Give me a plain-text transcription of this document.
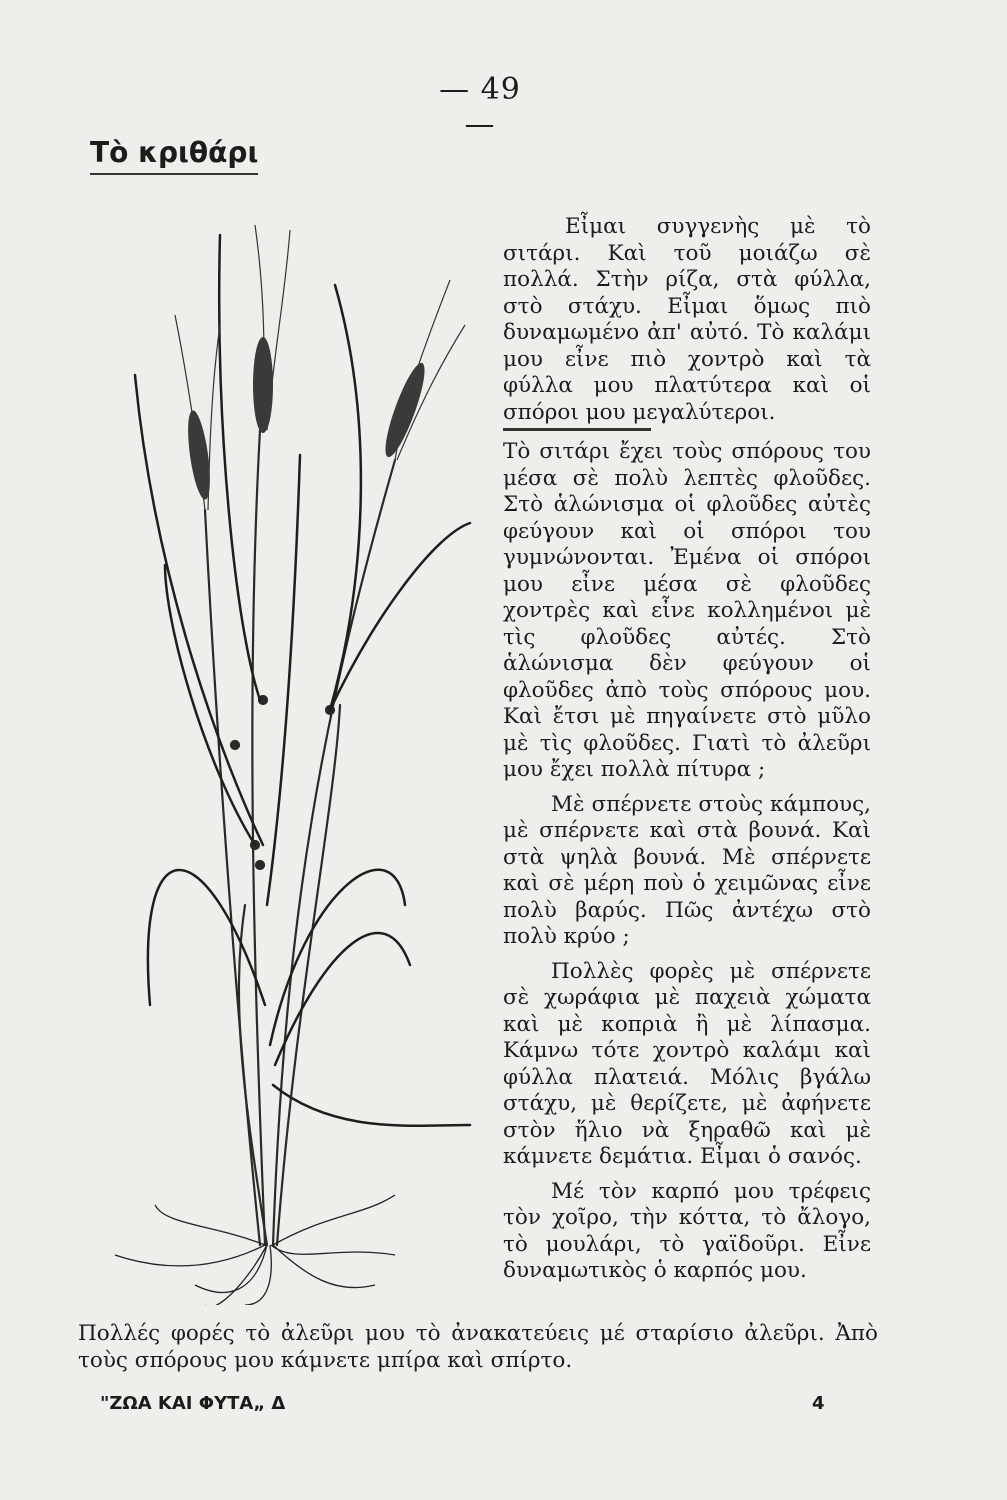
— 49 —
Τὸ κριθάρι

Εἶμαι συγγενὴς μὲ τὸ σιτάρι. Καὶ τοῦ μοιάζω σὲ πολλά. Στὴν ρίζα, στὰ φύλλα, στὸ στάχυ. Εἶμαι ὅμως πιὸ δυναμωμένο ἀπ' αὐτό. Τὸ καλάμι μου εἶνε πιὸ χοντρὸ καὶ τὰ φύλλα μου πλατύτερα καὶ οἱ σπόροι μου μεγαλύτεροι.

Τὸ σιτάρι ἔχει τοὺς σπόρους του μέσα σὲ πολὺ λεπτὲς φλοῦδες. Στὸ ἁλώνισμα οἱ φλοῦδες αὐτὲς φεύγουν καὶ οἱ σπόροι του γυμνώνονται. Ἐμένα οἱ σπόροι μου εἶνε μέσα σὲ φλοῦδες χοντρὲς καὶ εἶνε κολλημένοι μὲ τὶς φλοῦδες αὐτές. Στὸ ἁλώνισμα δὲν φεύγουν οἱ φλοῦδες ἀπὸ τοὺς σπόρους μου. Καὶ ἔτσι μὲ πηγαίνετε στὸ μῦλο μὲ τὶς φλοῦδες. Γιατὶ τὸ ἀλεῦρι μου ἔχει πολλὰ πίτυρα ;

Μὲ σπέρνετε στοὺς κάμπους, μὲ σπέρνετε καὶ στὰ βουνά. Καὶ στὰ ψηλὰ βουνά. Μὲ σπέρνετε καὶ σὲ μέρη ποὺ ὁ χειμῶνας εἶνε πολὺ βαρύς. Πῶς ἀντέχω στὸ πολὺ κρύο ;

Πολλὲς φορὲς μὲ σπέρνετε σὲ χωράφια μὲ παχειὰ χώματα καὶ μὲ κοπριὰ ἢ μὲ λίπασμα. Κάμνω τότε χοντρὸ καλάμι καὶ φύλλα πλατειά. Μόλις βγάλω στάχυ, μὲ θερίζετε, μὲ ἀφήνετε στὸν ἥλιο νὰ ξηραθῶ καὶ μὲ κάμνετε δεμάτια. Εἶμαι ὁ σανός.

Μέ τὸν καρπό μου τρέφεις τὸν χοῖρο, τὴν κόττα, τὸ ἄλογο, τὸ μουλάρι, τὸ γαϊδοῦρι. Εἶνε δυναμωτικὸς ὁ καρπός μου.

Πολλές φορές τὸ ἀλεῦρι μου τὸ ἀνακατεύεις μέ σταρίσιο ἀλεῦρι. Ἀπὸ
τοὺς σπόρους μου κάμνετε μπίρα καὶ σπίρτο.
"ΖΩΑ ΚΑΙ ΦΥΤΑ„ Δ	4
